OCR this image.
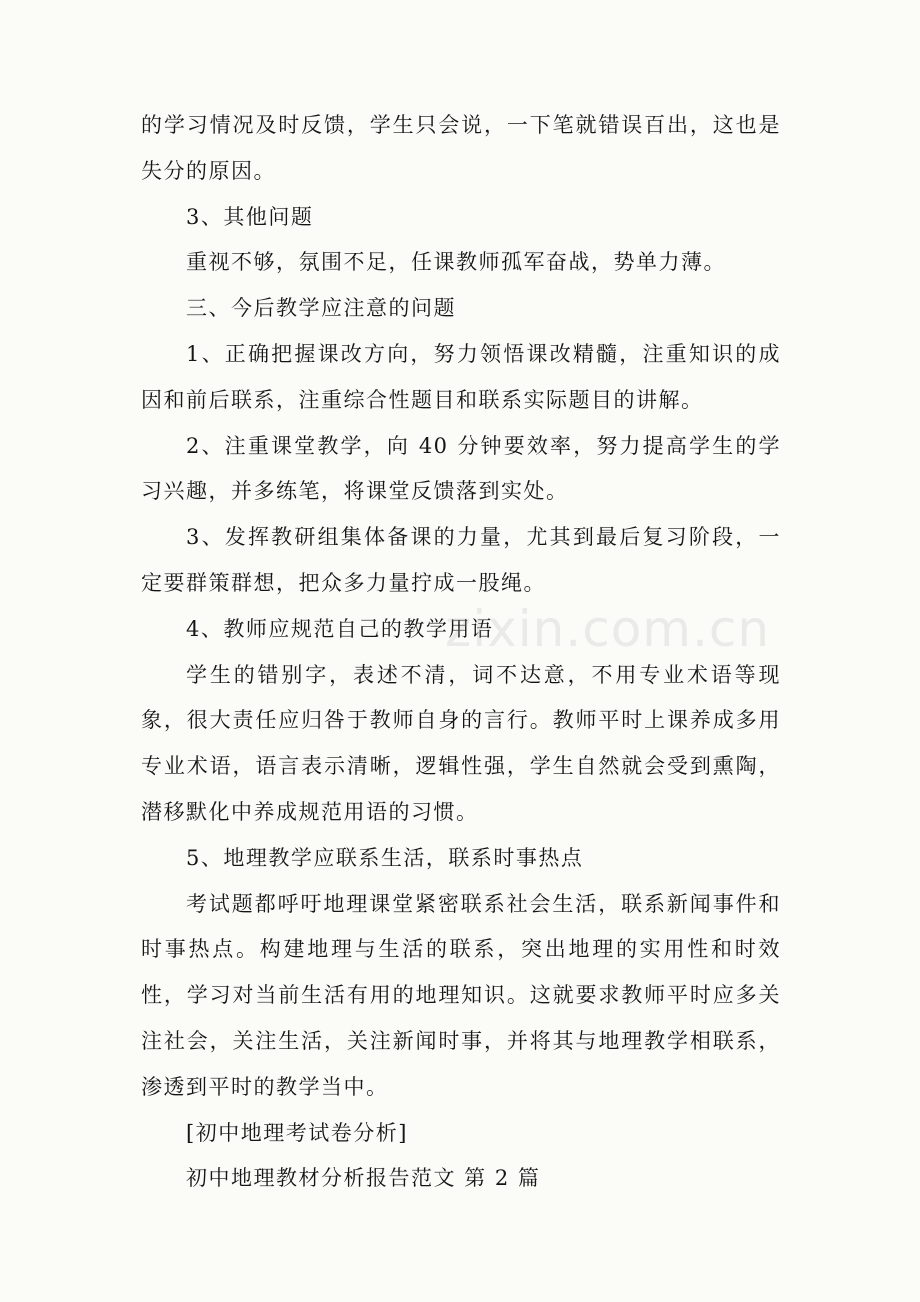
的学习情况及时反馈，学生只会说，一下笔就错误百出，这也是失分的原因。

3、其他问题

重视不够，氛围不足，任课教师孤军奋战，势单力薄。

三、今后教学应注意的问题

1、正确把握课改方向，努力领悟课改精髓，注重知识的成因和前后联系，注重综合性题目和联系实际题目的讲解。

2、注重课堂教学，向 40 分钟要效率，努力提高学生的学习兴趣，并多练笔，将课堂反馈落到实处。

3、发挥教研组集体备课的力量，尤其到最后复习阶段，一定要群策群想，把众多力量拧成一股绳。

4、教师应规范自己的教学用语

学生的错别字，表述不清，词不达意，不用专业术语等现象，很大责任应归咎于教师自身的言行。教师平时上课养成多用专业术语，语言表示清晰，逻辑性强，学生自然就会受到熏陶，潜移默化中养成规范用语的习惯。

5、地理教学应联系生活，联系时事热点

考试题都呼吁地理课堂紧密联系社会生活，联系新闻事件和时事热点。构建地理与生活的联系，突出地理的实用性和时效性，学习对当前生活有用的地理知识。这就要求教师平时应多关注社会，关注生活，关注新闻时事，并将其与地理教学相联系，渗透到平时的教学当中。

[初中地理考试卷分析]

初中地理教材分析报告范文 第 2 篇

zixin.com.cn
